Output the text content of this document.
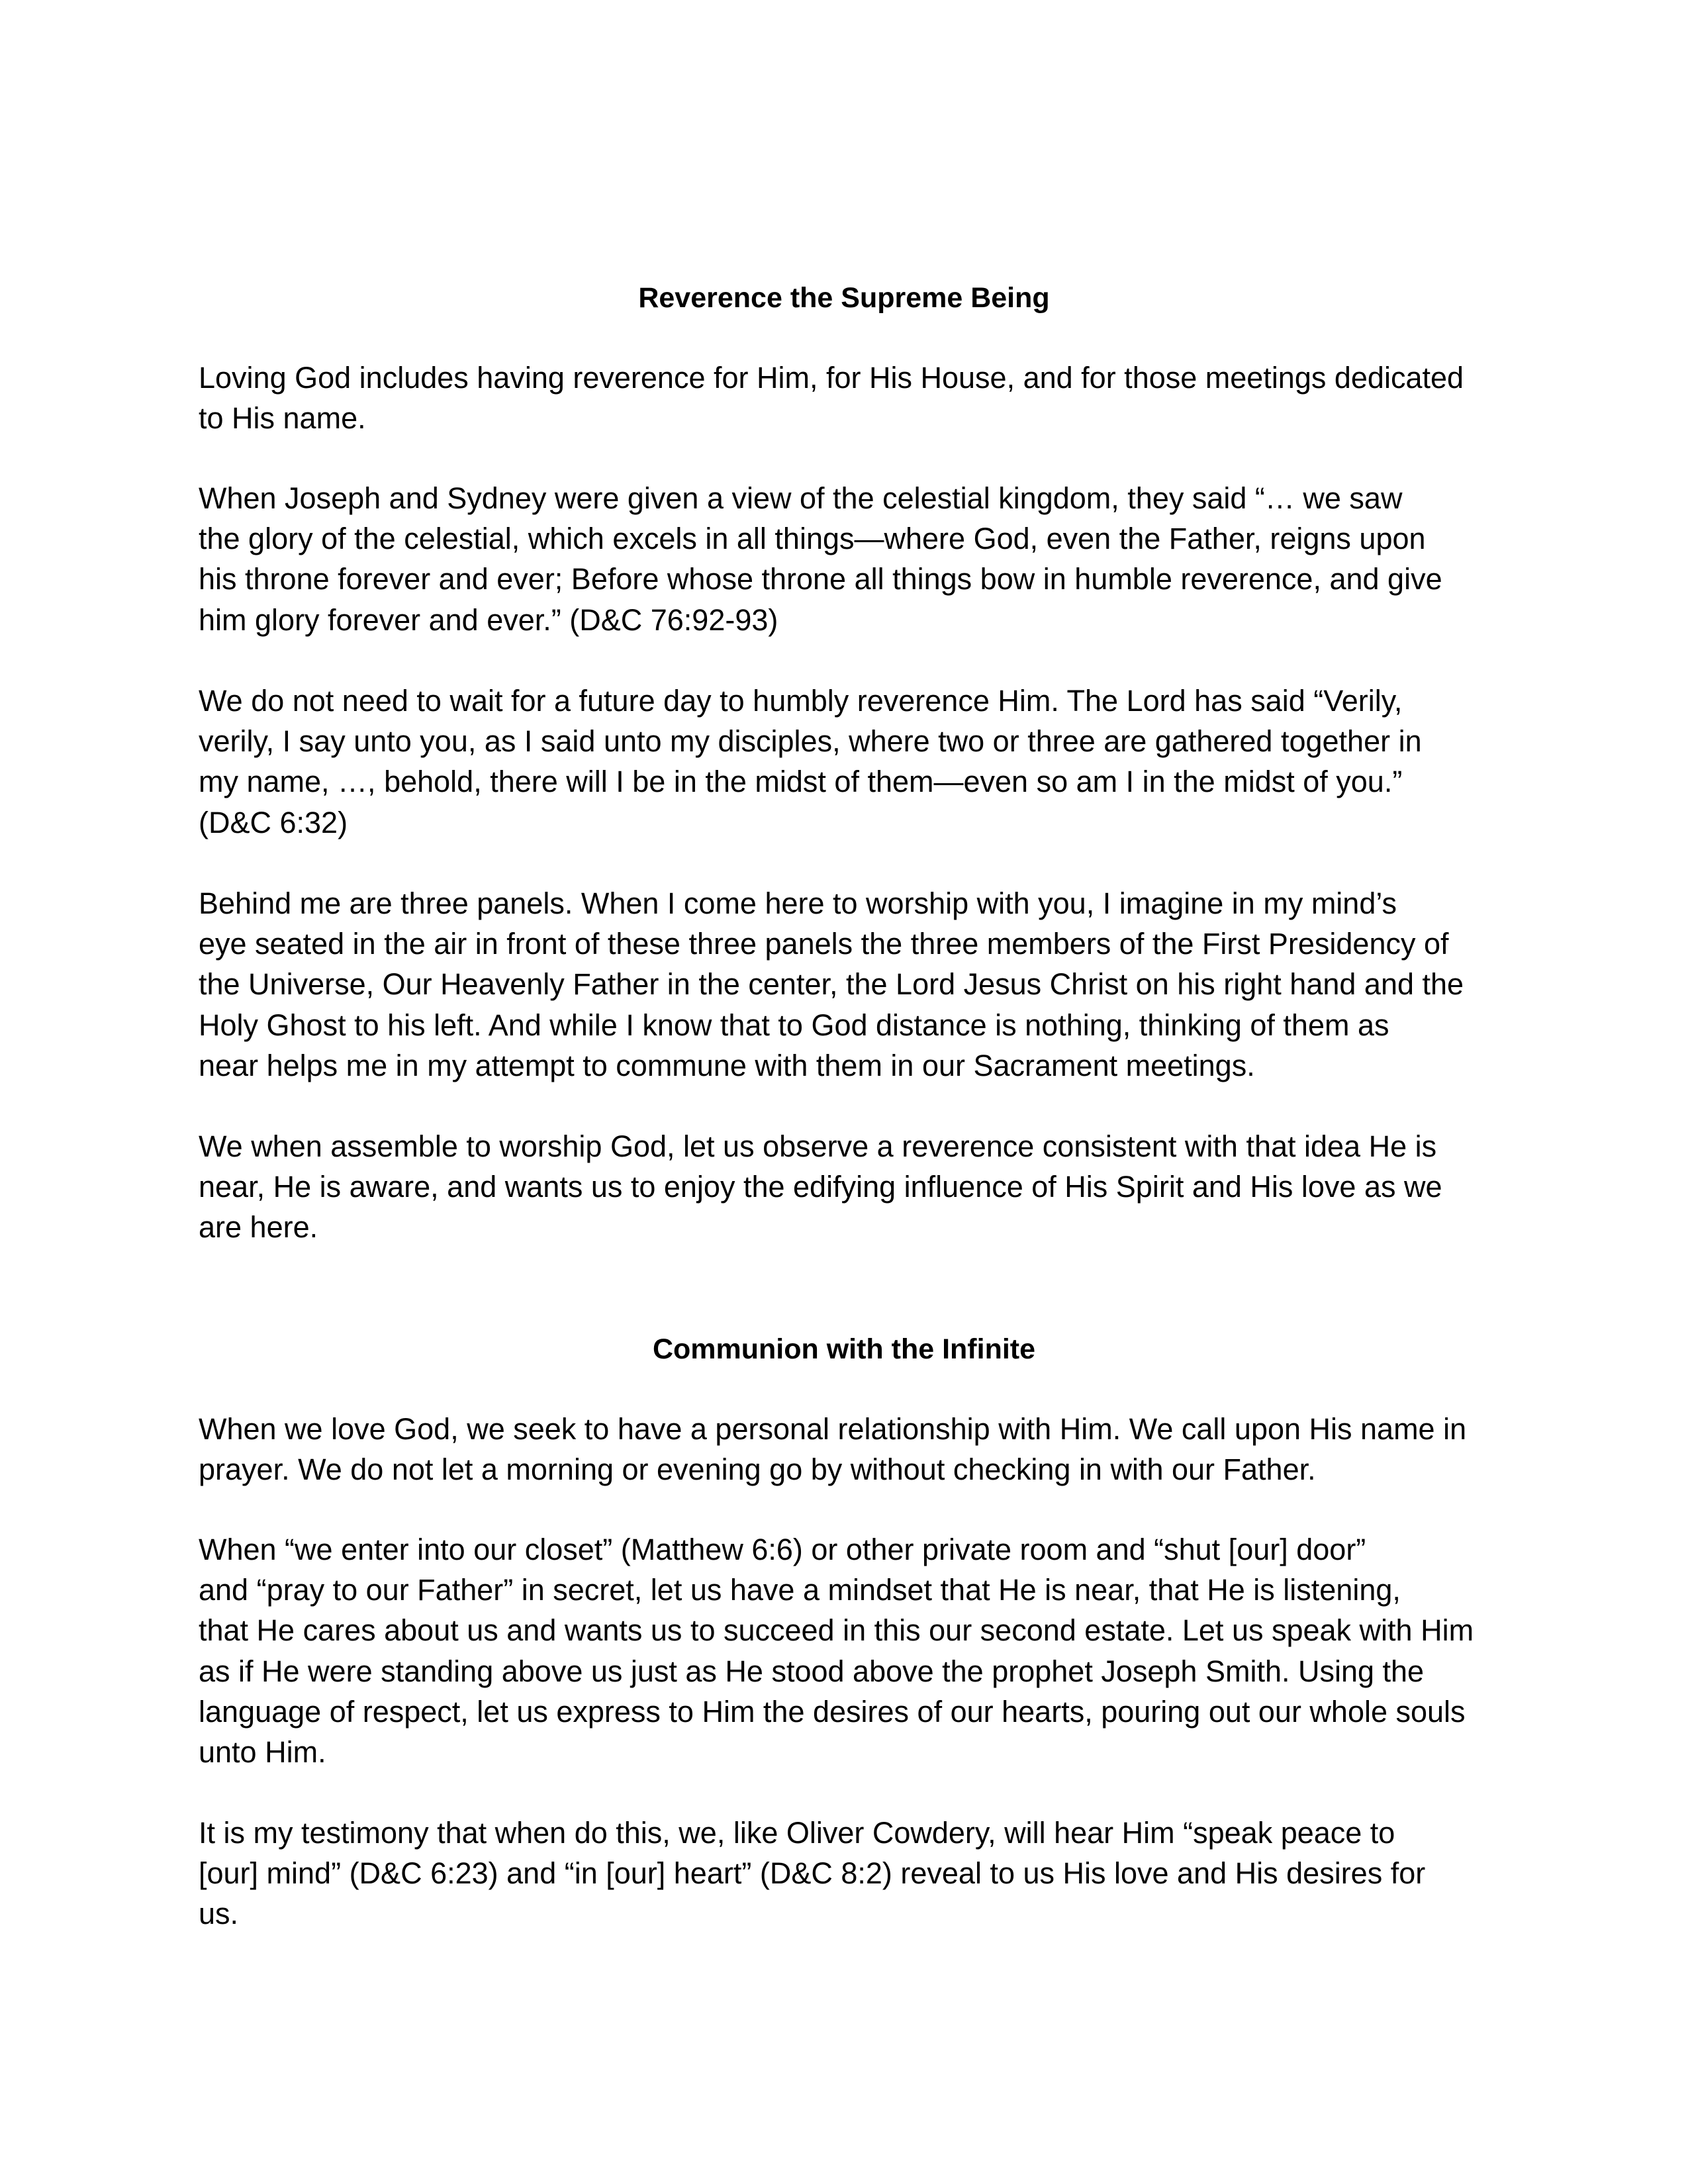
Reverence the Supreme Being

Loving God includes having reverence for Him, for His House, and for those meetings dedicated
to His name.

When Joseph and Sydney were given a view of the celestial kingdom, they said “… we saw
the glory of the celestial, which excels in all things—where God, even the Father, reigns upon
his throne forever and ever; Before whose throne all things bow in humble reverence, and give
him glory forever and ever.” (D&C 76:92-93)

We do not need to wait for a future day to humbly reverence Him. The Lord has said “Verily,
verily, I say unto you, as I said unto my disciples, where two or three are gathered together in
my name, …, behold, there will I be in the midst of them—even so am I in the midst of you.”
(D&C 6:32)

Behind me are three panels. When I come here to worship with you, I imagine in my mind’s
eye seated in the air in front of these three panels the three members of the First Presidency of
the Universe, Our Heavenly Father in the center, the Lord Jesus Christ on his right hand and the
Holy Ghost to his left. And while I know that to God distance is nothing, thinking of them as
near helps me in my attempt to commune with them in our Sacrament meetings.

We when assemble to worship God, let us observe a reverence consistent with that idea He is
near, He is aware, and wants us to enjoy the edifying influence of His Spirit and His love as we
are here.

Communion with the Infinite

When we love God, we seek to have a personal relationship with Him. We call upon His name in
prayer. We do not let a morning or evening go by without checking in with our Father.

When “we enter into our closet” (Matthew 6:6) or other private room and “shut [our] door”
and “pray to our Father” in secret, let us have a mindset that He is near, that He is listening,
that He cares about us and wants us to succeed in this our second estate. Let us speak with Him
as if He were standing above us just as He stood above the prophet Joseph Smith. Using the
language of respect, let us express to Him the desires of our hearts, pouring out our whole souls
unto Him.

It is my testimony that when do this, we, like Oliver Cowdery, will hear Him “speak peace to
[our] mind” (D&C 6:23) and “in [our] heart” (D&C 8:2) reveal to us His love and His desires for
us.
